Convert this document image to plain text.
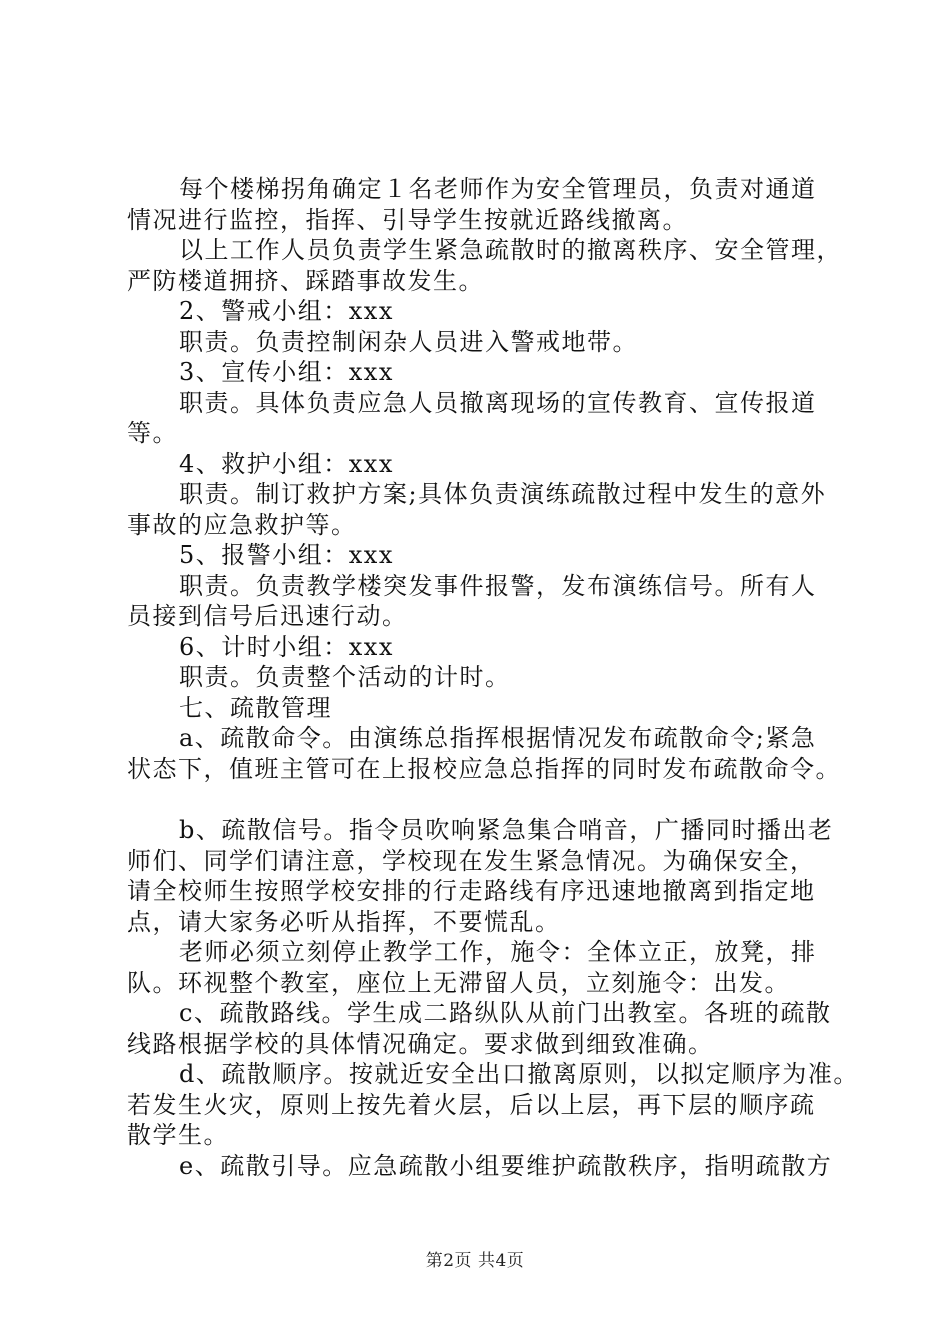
每个楼梯拐角确定１名老师作为安全管理员，负责对通道
情况进行监控，指挥、引导学生按就近路线撤离。
以上工作人员负责学生紧急疏散时的撤离秩序、安全管理，
严防楼道拥挤、踩踏事故发生。
2、警戒小组：xxx
职责。负责控制闲杂人员进入警戒地带。
3、宣传小组：xxx
职责。具体负责应急人员撤离现场的宣传教育、宣传报道
等。
4、救护小组：xxx
职责。制订救护方案;具体负责演练疏散过程中发生的意外
事故的应急救护等。
5、报警小组：xxx
职责。负责教学楼突发事件报警，发布演练信号。所有人
员接到信号后迅速行动。
6、计时小组：xxx
职责。负责整个活动的计时。
七、疏散管理
a、疏散命令。由演练总指挥根据情况发布疏散命令;紧急
状态下，值班主管可在上报校应急总指挥的同时发布疏散命令。
b、疏散信号。指令员吹响紧急集合哨音，广播同时播出老
师们、同学们请注意，学校现在发生紧急情况。为确保安全，
请全校师生按照学校安排的行走路线有序迅速地撤离到指定地
点，请大家务必听从指挥，不要慌乱。
老师必须立刻停止教学工作，施令：全体立正，放凳，排
队。环视整个教室，座位上无滞留人员，立刻施令：出发。
c、疏散路线。学生成二路纵队从前门出教室。各班的疏散
线路根据学校的具体情况确定。要求做到细致准确。
d、疏散顺序。按就近安全出口撤离原则，以拟定顺序为准。
若发生火灾，原则上按先着火层，后以上层，再下层的顺序疏
散学生。
e、疏散引导。应急疏散小组要维护疏散秩序，指明疏散方
第2页 共4页
